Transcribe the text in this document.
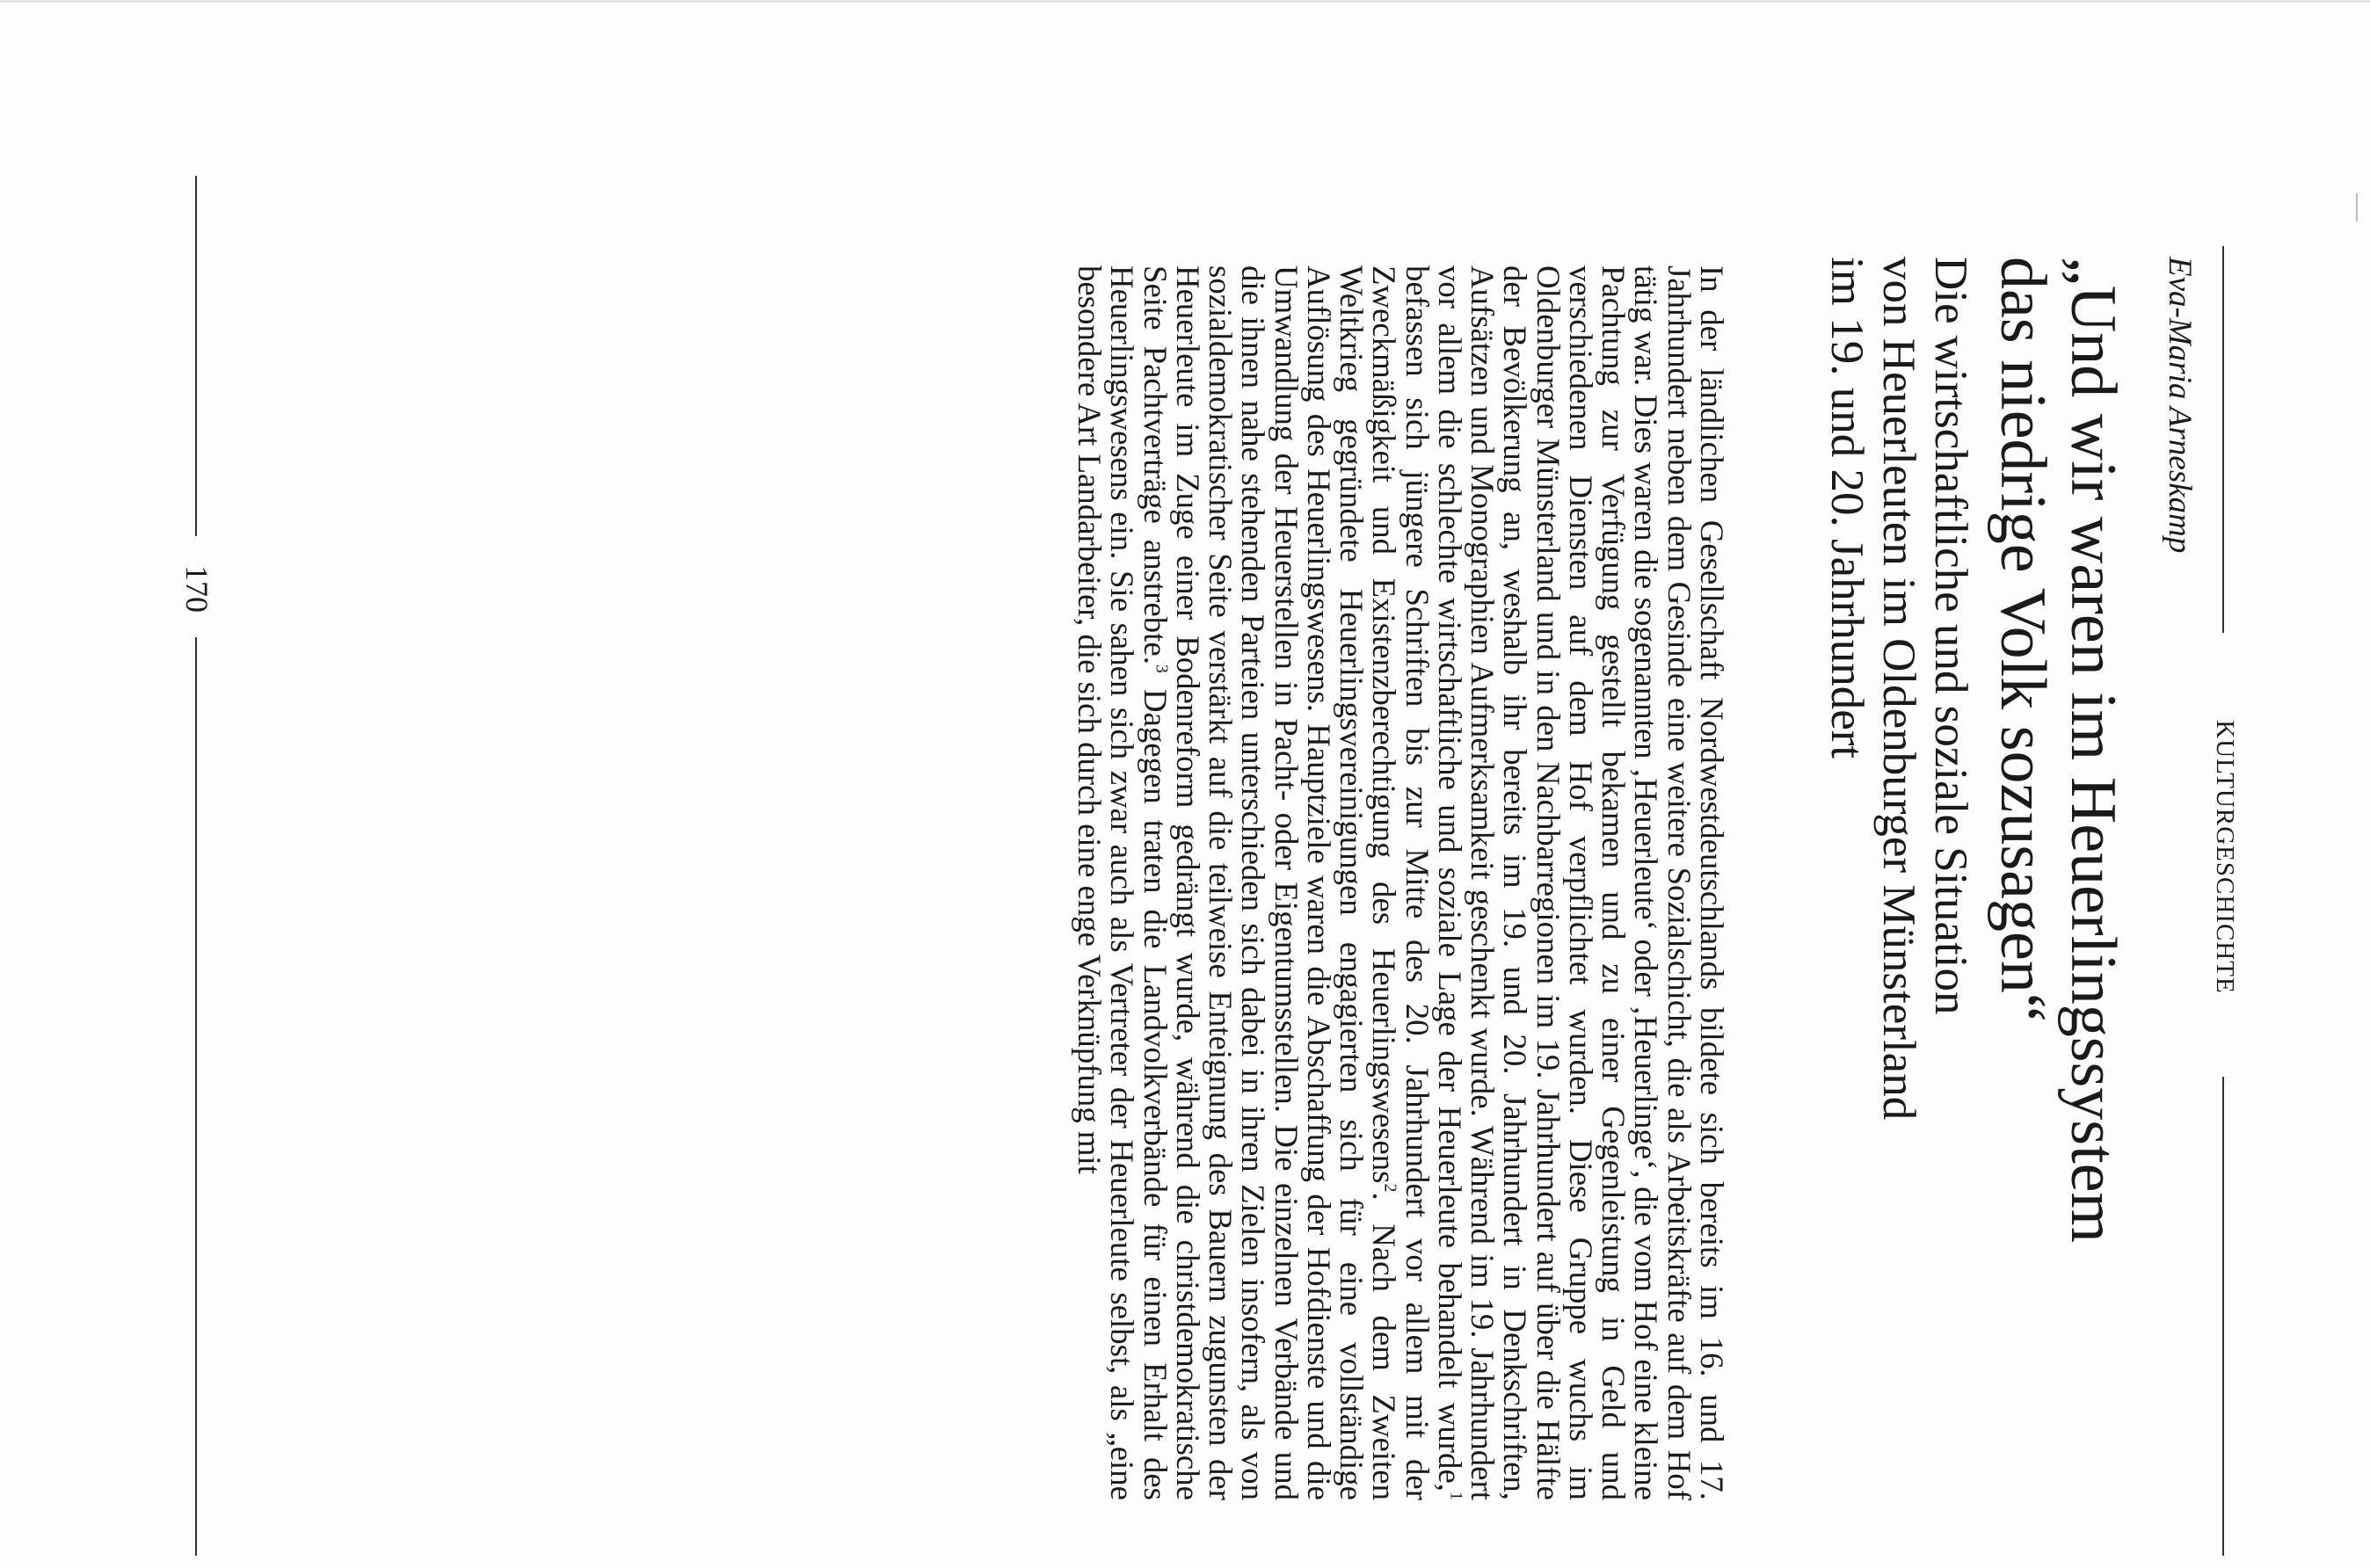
KULTURGESCHICHTE
Eva-Maria Arneskamp
„Und wir waren im Heuerlingssystem
das niedrige Volk sozusagen“
Die wirtschaftliche und soziale Situation
von Heuerleuten im Oldenburger Münsterland
im 19. und 20. Jahrhundert

In der ländlichen Gesellschaft Nordwestdeutschlands bildete sich bereits im 16. und 17. Jahrhundert neben dem Gesinde eine weitere Sozialschicht, die als Arbeitskräfte auf dem Hof tätig war. Dies waren die sogenannten ‚Heuerleute‘ oder ‚Heuerlinge‘, die vom Hof eine kleine Pachtung zur Verfügung gestellt bekamen und zu einer Gegenleistung in Geld und verschiedenen Diensten auf dem Hof verpflichtet wurden. Diese Gruppe wuchs im Oldenburger Münsterland und in den Nachbarregionen im 19. Jahrhundert auf über die Hälfte der Bevölkerung an, weshalb ihr bereits im 19. und 20. Jahrhundert in Denkschriften, Aufsätzen und Monographien Aufmerksamkeit geschenkt wurde. Während im 19. Jahrhundert vor allem die schlechte wirtschaftliche und soziale Lage der Heuerleute behandelt wurde,$^1$ befassen sich jüngere Schriften bis zur Mitte des 20. Jahrhundert vor allem mit der Zweckmäßigkeit und Existenzberechtigung des Heuerlingswesens$^2$. Nach dem Zweiten Weltkrieg gegründete Heuerlingsvereinigungen engagierten sich für eine vollständige Auflösung des Heuerlingswesens. Hauptziele waren die Abschaffung der Hofdienste und die Umwandlung der Heuerstellen in Pacht- oder Eigentumsstellen. Die einzelnen Verbände und die ihnen nahe stehenden Parteien unterschieden sich dabei in ihren Zielen insofern, als von sozialdemokratischer Seite verstärkt auf die teilweise Enteignung des Bauern zugunsten der Heuerleute im Zuge einer Bodenreform gedrängt wurde, während die christdemokratische Seite Pachtverträge anstrebte.$^3$ Dagegen traten die Landvolkverbände für einen Erhalt des Heuerlingswesens ein. Sie sahen sich zwar auch als Vertreter der Heuerleute selbst, als „eine besondere Art Landarbeiter, die sich durch eine enge Verknüpfung mit

170
